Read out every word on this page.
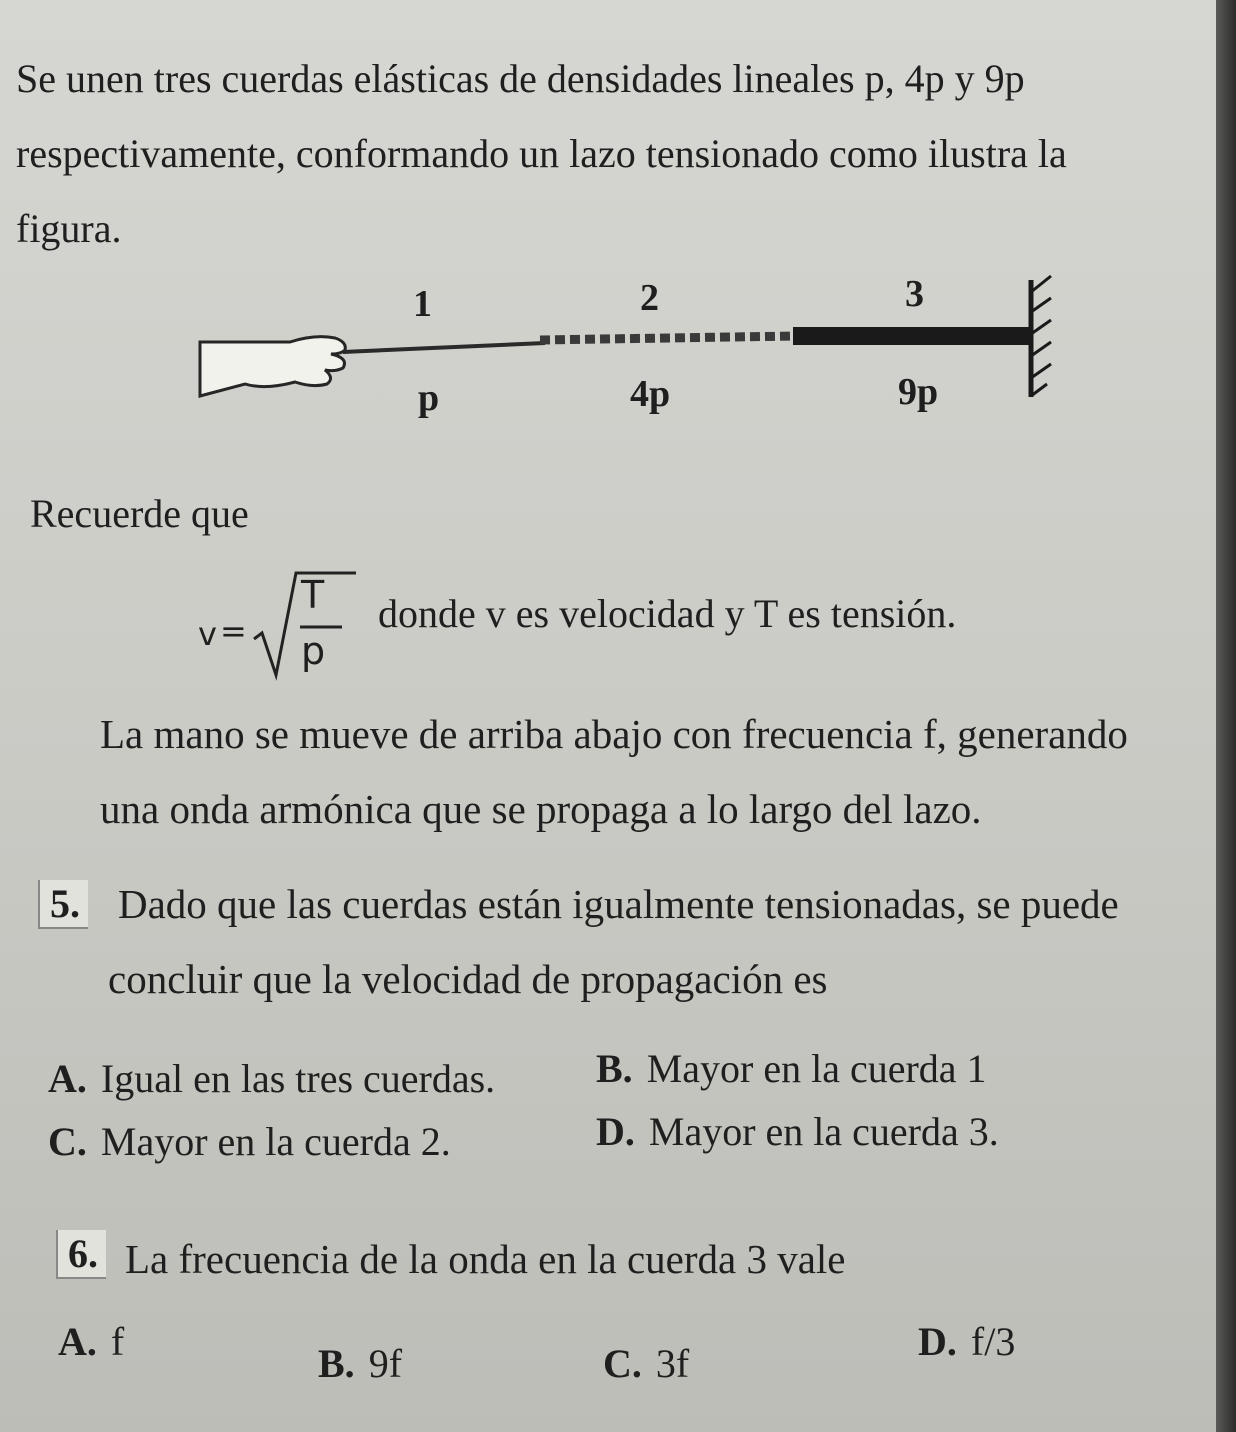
Se unen tres cuerdas elásticas de densidades lineales p, 4p y 9p
respectivamente, conformando un lazo tensionado como ilustra la
figura.
1	2	3
p	4p	9p
Recuerde que
v =
T
p
donde v es velocidad y T es tensión.
La mano se mueve de arriba abajo con frecuencia f, generando
una onda armónica que se propaga a lo largo del lazo.
5. Dado que las cuerdas están igualmente tensionadas, se puede
concluir que la velocidad de propagación es
A. Igual en las tres cuerdas.	B. Mayor en la cuerda 1
C. Mayor en la cuerda 2.	D. Mayor en la cuerda 3.
6. La frecuencia de la onda en la cuerda 3 vale
A. f	B. 9f	C. 3f	D. f/3
